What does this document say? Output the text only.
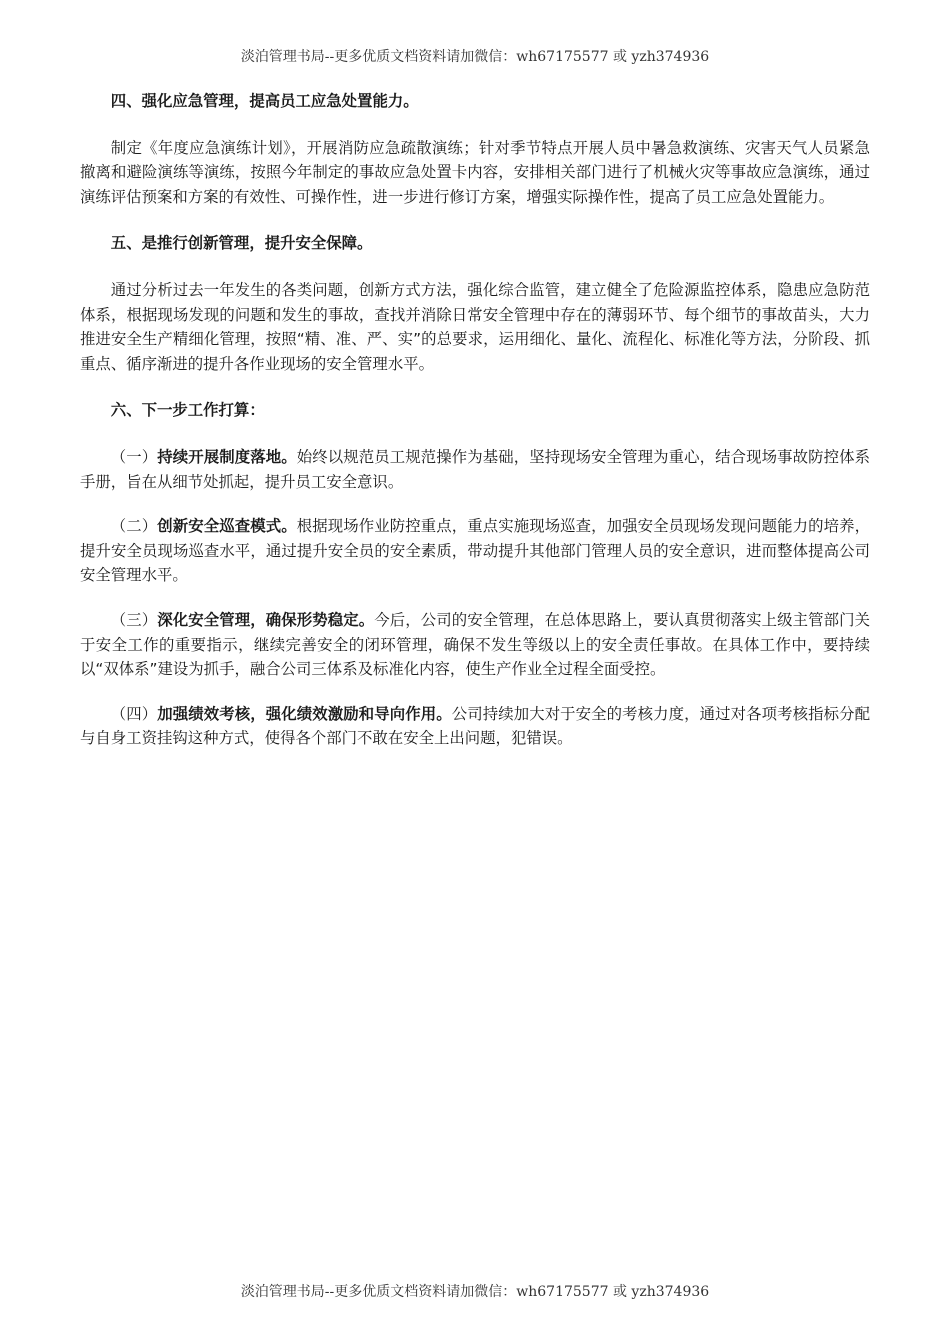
淡泊管理书局--更多优质文档资料请加微信：wh67175577 或 yzh374936

四、强化应急管理，提高员工应急处置能力。

制定《年度应急演练计划》，开展消防应急疏散演练；针对季节特点开展人员中暑急救演练、灾害天气人员紧急撤离和避险演练等演练，按照今年制定的事故应急处置卡内容，安排相关部门进行了机械火灾等事故应急演练，通过演练评估预案和方案的有效性、可操作性，进一步进行修订方案，增强实际操作性，提高了员工应急处置能力。

五、是推行创新管理，提升安全保障。

通过分析过去一年发生的各类问题，创新方式方法，强化综合监管，建立健全了危险源监控体系，隐患应急防范体系，根据现场发现的问题和发生的事故，查找并消除日常安全管理中存在的薄弱环节、每个细节的事故苗头，大力推进安全生产精细化管理，按照“精、准、严、实”的总要求，运用细化、量化、流程化、标准化等方法，分阶段、抓重点、循序渐进的提升各作业现场的安全管理水平。

六、下一步工作打算：

（一）持续开展制度落地。始终以规范员工规范操作为基础，坚持现场安全管理为重心，结合现场事故防控体系手册，旨在从细节处抓起，提升员工安全意识。

（二）创新安全巡查模式。根据现场作业防控重点，重点实施现场巡查，加强安全员现场发现问题能力的培养，提升安全员现场巡查水平，通过提升安全员的安全素质，带动提升其他部门管理人员的安全意识，进而整体提高公司安全管理水平。

（三）深化安全管理，确保形势稳定。今后，公司的安全管理，在总体思路上，要认真贯彻落实上级主管部门关于安全工作的重要指示，继续完善安全的闭环管理，确保不发生等级以上的安全责任事故。在具体工作中，要持续以“双体系”建设为抓手，融合公司三体系及标准化内容，使生产作业全过程全面受控。

（四）加强绩效考核，强化绩效激励和导向作用。公司持续加大对于安全的考核力度，通过对各项考核指标分配与自身工资挂钩这种方式，使得各个部门不敢在安全上出问题，犯错误。

淡泊管理书局--更多优质文档资料请加微信：wh67175577 或 yzh374936
